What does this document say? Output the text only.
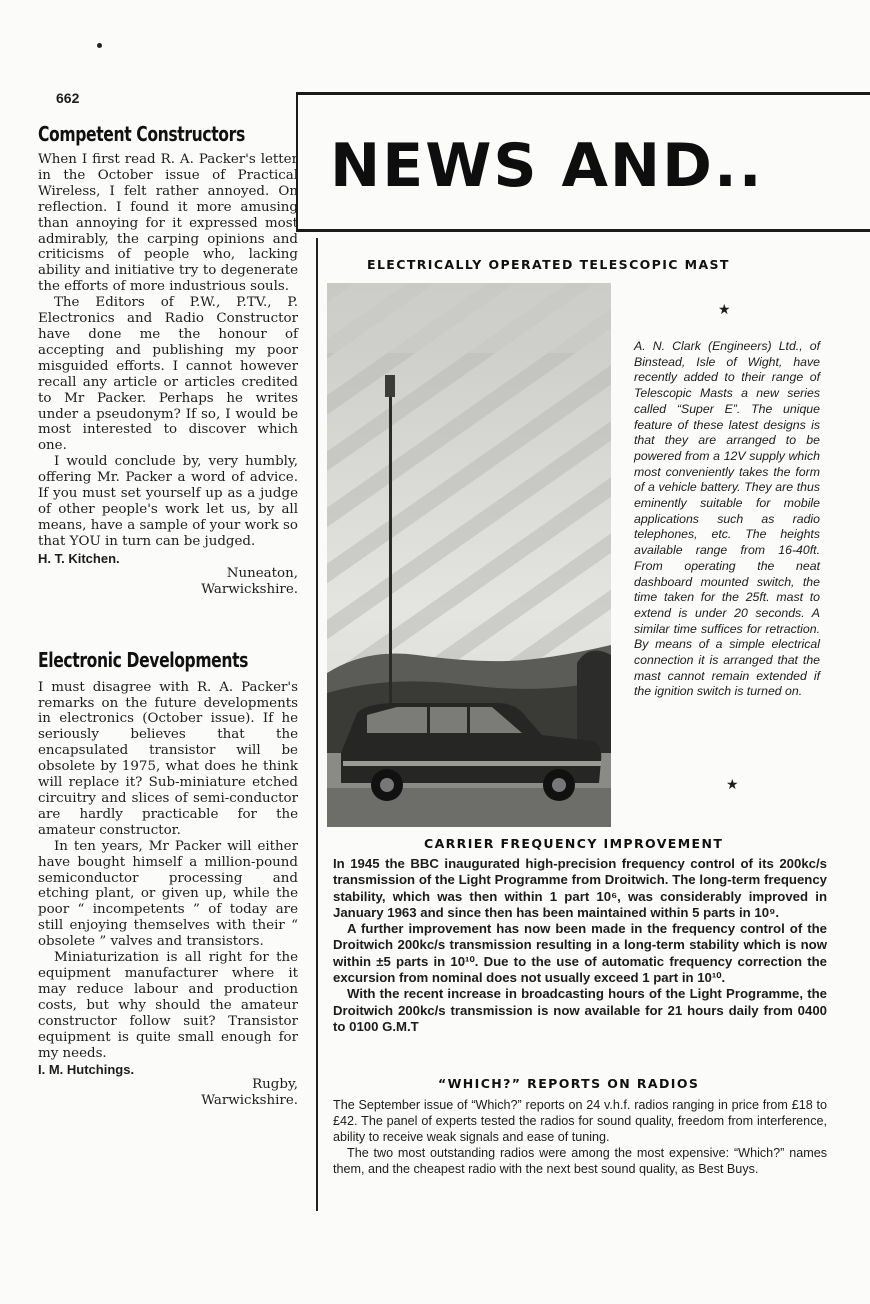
662
Competent Constructors

When I first read R. A. Packer's letter in the October issue of Practical Wireless, I felt rather annoyed. On reflection. I found it more amusing than annoying for it expressed most admirably, the carping opinions and criticisms of people who, lacking ability and initiative try to degenerate the efforts of more industrious souls.

The Editors of P.W., P.TV., P. Electronics and Radio Constructor have done me the honour of accepting and publishing my poor misguided efforts. I cannot however recall any article or articles credited to Mr Packer. Perhaps he writes under a pseudonym? If so, I would be most interested to discover which one.

I would conclude by, very humbly, offering Mr. Packer a word of advice. If you must set yourself up as a judge of other people's work let us, by all means, have a sample of your work so that YOU in turn can be judged.

H. T. Kitchen.
Nuneaton,
Warwickshire.
Electronic Developments

I must disagree with R. A. Packer's remarks on the future developments in electronics (October issue). If he seriously believes that the encapsulated transistor will be obsolete by 1975, what does he think will replace it? Sub-miniature etched circuitry and slices of semi-conductor are hardly practicable for the amateur constructor.

In ten years, Mr Packer will either have bought himself a million-pound semiconductor processing and etching plant, or given up, while the poor “ incompetents ” of today are still enjoying themselves with their “ obsolete ” valves and transistors.

Miniaturization is all right for the equipment manufacturer where it may reduce labour and production costs, but why should the amateur constructor follow suit? Transistor equipment is quite small enough for my needs.

I. M. Hutchings.
Rugby,
Warwickshire.
NEWS AND..
ELECTRICALLY OPERATED TELESCOPIC MAST
★
A. N. Clark (Engineers) Ltd., of Binstead, Isle of Wight, have recently added to their range of Telescopic Masts a new series called “Super E”. The unique feature of these latest designs is that they are arranged to be powered from a 12V supply which most conveniently takes the form of a vehicle battery. They are thus eminently suitable for mobile applications such as radio telephones, etc. The heights available range from 16-40ft. From operating the neat dashboard mounted switch, the time taken for the 25ft. mast to extend is under 20 seconds. A similar time suffices for retraction. By means of a simple electrical connection it is arranged that the mast cannot remain extended if the ignition switch is turned on.
★
CARRIER FREQUENCY IMPROVEMENT

In 1945 the BBC inaugurated high-precision frequency control of its 200kc/s transmission of the Light Programme from Droitwich. The long-term frequency stability, which was then within 1 part 10⁶, was considerably improved in January 1963 and since then has been maintained within 5 parts in 10⁹.

A further improvement has now been made in the frequency control of the Droitwich 200kc/s transmission resulting in a long-term stability which is now within ±5 parts in 10¹⁰. Due to the use of automatic frequency correction the excursion from nominal does not usually exceed 1 part in 10¹⁰.

With the recent increase in broadcasting hours of the Light Programme, the Droitwich 200kc/s transmission is now available for 21 hours daily from 0400 to 0100 G.M.T

“WHICH?” REPORTS ON RADIOS

The September issue of “Which?” reports on 24 v.h.f. radios ranging in price from £18 to £42. The panel of experts tested the radios for sound quality, freedom from interference, ability to receive weak signals and ease of tuning.

The two most outstanding radios were among the most expensive: “Which?” names them, and the cheapest radio with the next best sound quality, as Best Buys.
